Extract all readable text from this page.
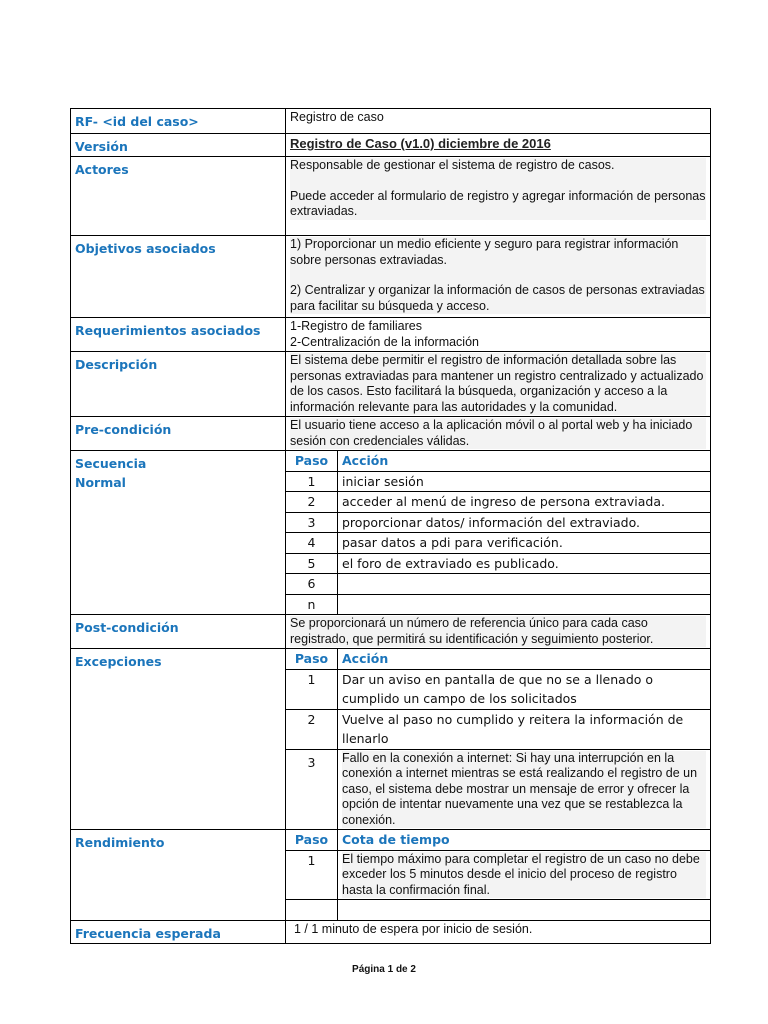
RF- <id del caso>	Registro de caso
Versión	Registro de Caso (v1.0) diciembre de 2016
Actores	Responsable de gestionar el sistema de registro de casos.
Puede acceder al formulario de registro y agregar información de personas extraviadas.

Objetivos asociados	1) Proporcionar un medio eficiente y seguro para registrar información sobre personas extraviadas.
2) Centralizar y organizar la información de casos de personas extraviadas para facilitar su búsqueda y acceso.

Requerimientos asociados	1-Registro de familiares
2-Centralización de la información

Descripción	El sistema debe permitir el registro de información detallada sobre las personas extraviadas para mantener un registro centralizado y actualizado de los casos. Esto facilitará la búsqueda, organización y acceso a la información relevante para las autoridades y la comunidad.

Pre-condición	El usuario tiene acceso a la aplicación móvil o al portal web y ha iniciado sesión con credenciales válidas.

Secuencia
Normal

Paso	Acción
1	iniciar sesión
2	acceder al menú de ingreso de persona extraviada.
3	proporcionar datos/ información del extraviado.
4	pasar datos a pdi para verificación.
5	el foro de extraviado es publicado.
6	
n	

Post-condición	Se proporcionará un número de referencia único para cada caso registrado, que permitirá su identificación y seguimiento posterior.

Excepciones		Paso	Acción
1	Dar un aviso en pantalla de que no se a llenado o cumplido un campo de los solicitados
2	Vuelve al paso no cumplido y reitera la información de llenarlo
3	Fallo en la conexión a internet: Si hay una interrupción en la conexión a internet mientras se está realizando el registro de un caso, el sistema debe mostrar un mensaje de error y ofrecer la opción de intentar nuevamente una vez que se restablezca la conexión.

Rendimiento		Paso	Cota de tiempo
1	El tiempo máximo para completar el registro de un caso no debe exceder los 5 minutos desde el inicio del proceso de registro hasta la confirmación final.

Frecuencia esperada	1 / 1 minuto de espera por inicio de sesión.
Página 1 de 2
